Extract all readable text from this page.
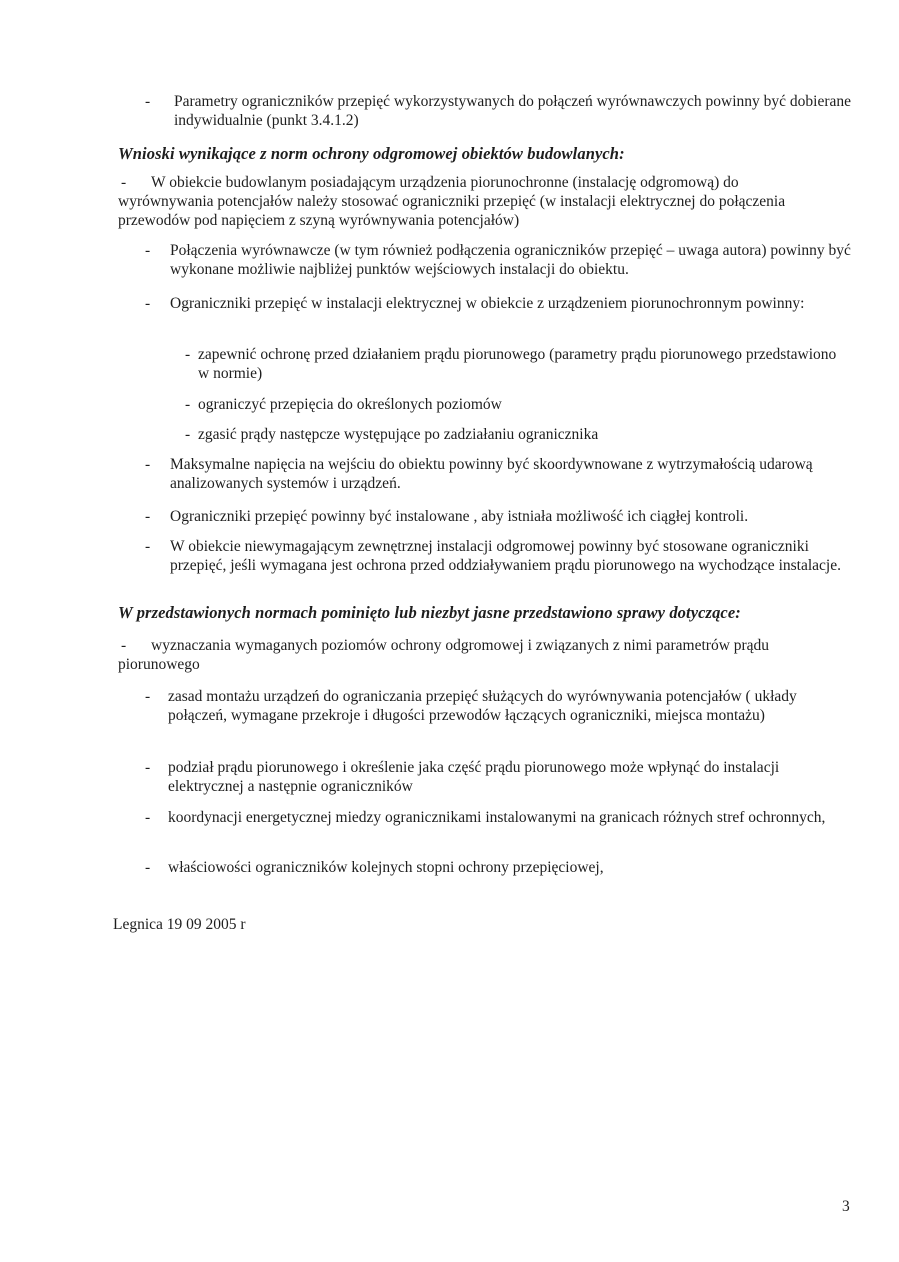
- Parametry ograniczników przepięć wykorzystywanych do połączeń wyrównawczych powinny być dobierane indywidualnie (punkt 3.4.1.2)
Wnioski wynikające z norm ochrony odgromowej obiektów budowlanych:
- W obiekcie budowlanym posiadającym urządzenia piorunochronne (instalację odgromową) do wyrównywania potencjałów należy stosować ograniczniki przepięć (w instalacji elektrycznej do połączenia przewodów pod napięciem z szyną wyrównywania potencjałów)
- Połączenia wyrównawcze (w tym również podłączenia ograniczników przepięć – uwaga autora) powinny być wykonane możliwie najbliżej punktów wejściowych instalacji do obiektu.
- Ograniczniki przepięć w instalacji elektrycznej w obiekcie z urządzeniem piorunochronnym powinny:
- zapewnić ochronę przed działaniem prądu piorunowego (parametry prądu piorunowego przedstawiono w normie)
- ograniczyć przepięcia do określonych poziomów
- zgasić prądy następcze występujące po zadziałaniu ogranicznika
- Maksymalne napięcia na wejściu do obiektu powinny być skoordywnowane z wytrzymałością udarową analizowanych systemów i urządzeń.
- Ograniczniki przepięć powinny być instalowane , aby istniała możliwość ich ciągłej kontroli.
- W obiekcie niewymagającym zewnętrznej instalacji odgromowej powinny być stosowane ograniczniki przepięć, jeśli wymagana jest ochrona przed oddziaływaniem prądu piorunowego na wychodzące instalacje.
W przedstawionych normach pominięto lub niezbyt jasne przedstawiono sprawy dotyczące:
- wyznaczania wymaganych poziomów ochrony odgromowej i związanych z nimi parametrów prądu piorunowego
- zasad montażu urządzeń do ograniczania przepięć służących do wyrównywania potencjałów ( układy połączeń, wymagane przekroje i długości przewodów łączących ograniczniki, miejsca montażu)
- podział prądu piorunowego i określenie jaka część prądu piorunowego może wpłynąć do instalacji elektrycznej a następnie ograniczników
- koordynacji energetycznej miedzy ogranicznikami instalowanymi na granicach różnych stref ochronnych,
- właściowości ograniczników kolejnych stopni ochrony przepięciowej,
Legnica 19 09 2005 r
3
